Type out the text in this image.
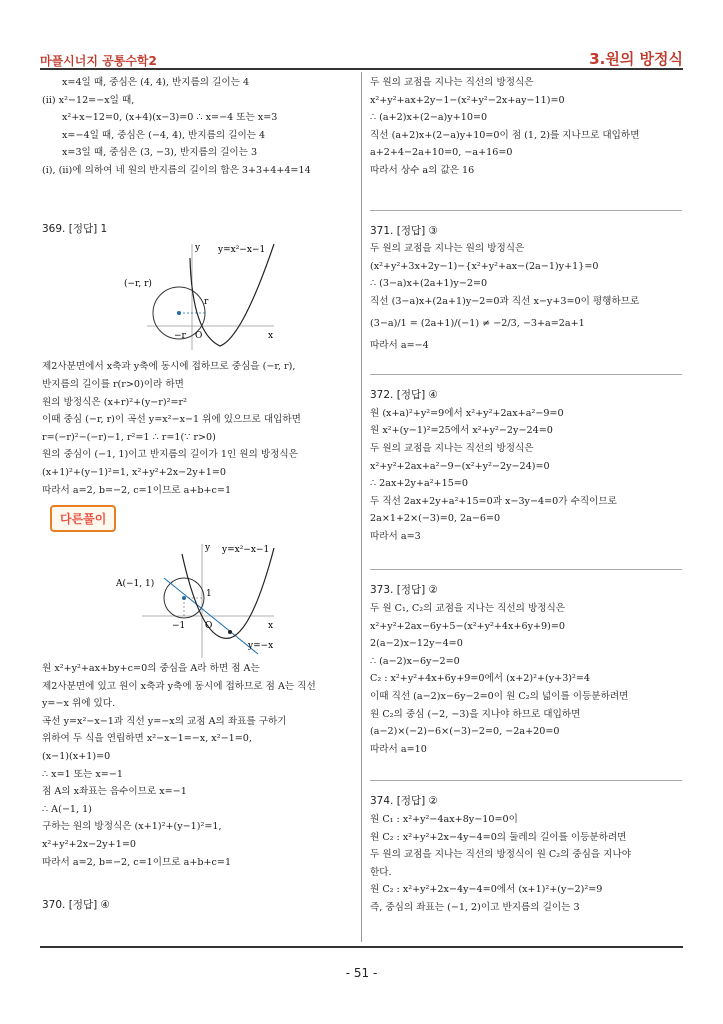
마플시너지 공통수학2	3.원의 방정식
x=4일 때, 중심은 (4, 4), 반지름의 길이는 4
(ⅱ) x²−12=−x일 때,
x²+x−12=0, (x+4)(x−3)=0 ∴ x=−4 또는 x=3
x=−4일 때, 중심은 (−4, 4), 반지름의 길이는 4
x=3일 때, 중심은 (3, −3), 반지름의 길이는 3
(ⅰ), (ⅱ)에 의하여 네 원의 반지름의 길이의 합은 3+3+4+4=14
369. [정답] 1
y=x²−x−1
(−r, r)
r
−r O	x
y
제2사분면에서 x축과 y축에 동시에 접하므로 중심을 (−r, r),
반지름의 길이를 r(r>0)이라 하면
원의 방정식은 (x+r)²+(y−r)²=r²
이때 중심 (−r, r)이 곡선 y=x²−x−1 위에 있으므로 대입하면
r=(−r)²−(−r)−1, r²=1 ∴ r=1(∵ r>0)
원의 중심이 (−1, 1)이고 반지름의 길이가 1인 원의 방정식은
(x+1)²+(y−1)²=1, x²+y²+2x−2y+1=0
따라서 a=2, b=−2, c=1이므로 a+b+c=1
다른풀이
y=x²−x−1
A(−1, 1)
1
−1 O
y=−x
x
y
원 x²+y²+ax+by+c=0의 중심을 A라 하면 점 A는
제2사분면에 있고 원이 x축과 y축에 동시에 접하므로 점 A는 직선
y=−x 위에 있다.
곡선 y=x²−x−1과 직선 y=−x의 교점 A의 좌표를 구하기
위하여 두 식을 연립하면 x²−x−1=−x, x²−1=0,
(x−1)(x+1)=0
∴ x=1 또는 x=−1
점 A의 x좌표는 음수이므로 x=−1
∴ A(−1, 1)
구하는 원의 방정식은 (x+1)²+(y−1)²=1,
x²+y²+2x−2y+1=0
따라서 a=2, b=−2, c=1이므로 a+b+c=1
370. [정답] ④
두 원의 교점을 지나는 직선의 방정식은
x²+y²+ax+2y−1−(x²+y²−2x+ay−11)=0
∴ (a+2)x+(2−a)y+10=0
직선 (a+2)x+(2−a)y+10=0이 점 (1, 2)를 지나므로 대입하면
a+2+4−2a+10=0, −a+16=0
따라서 상수 a의 값은 16
371. [정답] ③
두 원의 교점을 지나는 원의 방정식은
(x²+y²+3x+2y−1)−{x²+y²+ax−(2a−1)y+1}=0
∴ (3−a)x+(2a+1)y−2=0
직선 (3−a)x+(2a+1)y−2=0과 직선 x−y+3=0이 평행하므로
(3−a)/1 = (2a+1)/(−1) ≠ −2/3, −3+a=2a+1
따라서 a=−4
372. [정답] ④
원 (x+a)²+y²=9에서 x²+y²+2ax+a²−9=0
원 x²+(y−1)²=25에서 x²+y²−2y−24=0
두 원의 교점을 지나는 직선의 방정식은
x²+y²+2ax+a²−9−(x²+y²−2y−24)=0
∴ 2ax+2y+a²+15=0
두 직선 2ax+2y+a²+15=0과 x−3y−4=0가 수직이므로
2a×1+2×(−3)=0, 2a−6=0
따라서 a=3
373. [정답] ②
두 원 C₁, C₂의 교점을 지나는 직선의 방정식은
x²+y²+2ax−6y+5−(x²+y²+4x+6y+9)=0
2(a−2)x−12y−4=0
∴ (a−2)x−6y−2=0
C₂ : x²+y²+4x+6y+9=0에서 (x+2)²+(y+3)²=4
이때 직선 (a−2)x−6y−2=0이 원 C₂의 넓이를 이등분하려면
원 C₂의 중심 (−2, −3)을 지나야 하므로 대입하면
(a−2)×(−2)−6×(−3)−2=0, −2a+20=0
따라서 a=10
374. [정답] ②
원 C₁ : x²+y²−4ax+8y−10=0이
원 C₂ : x²+y²+2x−4y−4=0의 둘레의 길이를 이등분하려면
두 원의 교점을 지나는 직선의 방정식이 원 C₂의 중심을 지나야
한다.
원 C₂ : x²+y²+2x−4y−4=0에서 (x+1)²+(y−2)²=9
즉, 중심의 좌표는 (−1, 2)이고 반지름의 길이는 3
- 51 -
